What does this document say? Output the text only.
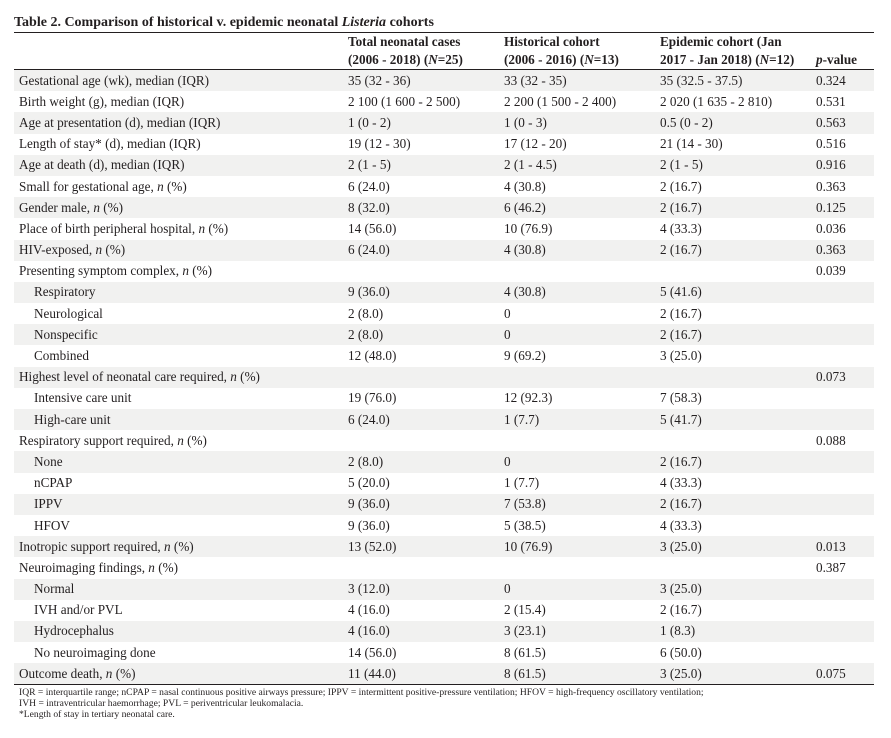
Table 2. Comparison of historical v. epidemic neonatal Listeria cohorts
	Total neonatal cases	Historical cohort	Epidemic cohort (Jan	
	(2006 - 2018) (N=25)	(2006 - 2016) (N=13)	2017 - Jan 2018) (N=12)	p-value
Gestational age (wk), median (IQR)	35 (32 - 36)	33 (32 - 35)	35 (32.5 - 37.5)	0.324
Birth weight (g), median (IQR)	2 100 (1 600 - 2 500)	2 200 (1 500 - 2 400)	2 020 (1 635 - 2 810)	0.531
Age at presentation (d), median (IQR)	1 (0 - 2)	1 (0 - 3)	0.5 (0 - 2)	0.563
Length of stay* (d), median (IQR)	19 (12 - 30)	17 (12 - 20)	21 (14 - 30)	0.516
Age at death (d), median (IQR)	2 (1 - 5)	2 (1 - 4.5)	2 (1 - 5)	0.916
Small for gestational age, n (%)	6 (24.0)	4 (30.8)	2 (16.7)	0.363
Gender male, n (%)	8 (32.0)	6 (46.2)	2 (16.7)	0.125
Place of birth peripheral hospital, n (%)	14 (56.0)	10 (76.9)	4 (33.3)	0.036
HIV-exposed, n (%)	6 (24.0)	4 (30.8)	2 (16.7)	0.363
Presenting symptom complex, n (%)				0.039
Respiratory	9 (36.0)	4 (30.8)	5 (41.6)	
Neurological	2 (8.0)	0	2 (16.7)	
Nonspecific	2 (8.0)	0	2 (16.7)	
Combined	12 (48.0)	9 (69.2)	3 (25.0)	
Highest level of neonatal care required, n (%)				0.073
Intensive care unit	19 (76.0)	12 (92.3)	7 (58.3)	
High-care unit	6 (24.0)	1 (7.7)	5 (41.7)	
Respiratory support required, n (%)				0.088
None	2 (8.0)	0	2 (16.7)	
nCPAP	5 (20.0)	1 (7.7)	4 (33.3)	
IPPV	9 (36.0)	7 (53.8)	2 (16.7)	
HFOV	9 (36.0)	5 (38.5)	4 (33.3)	
Inotropic support required, n (%)	13 (52.0)	10 (76.9)	3 (25.0)	0.013
Neuroimaging findings, n (%)				0.387
Normal	3 (12.0)	0	3 (25.0)	
IVH and/or PVL	4 (16.0)	2 (15.4)	2 (16.7)	
Hydrocephalus	4 (16.0)	3 (23.1)	1 (8.3)	
No neuroimaging done	14 (56.0)	8 (61.5)	6 (50.0)	
Outcome death, n (%)	11 (44.0)	8 (61.5)	3 (25.0)	0.075
IQR = interquartile range; nCPAP = nasal continuous positive airways pressure; IPPV = intermittent positive-pressure ventilation; HFOV = high-frequency oscillatory ventilation;
IVH = intraventricular haemorrhage; PVL = periventricular leukomalacia.
*Length of stay in tertiary neonatal care.
